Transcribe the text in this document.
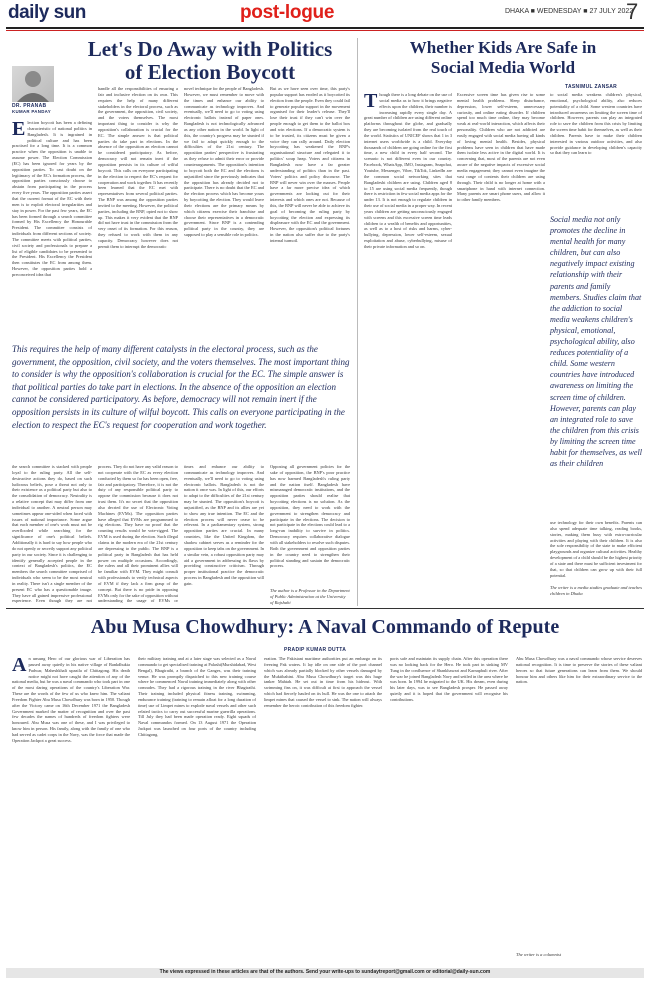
daily sun	post-logue	DHAKA ■ WEDNESDAY ■ 27 JULY 2022
7
Let's Do Away with Politics
of Election Boycott
DR. PRANAB
KUMAR PANDAY
Election boycott has been a defining characteristic of national politics in Bangladesh. It is ingrained in political culture and has been practised for a long time. It is a common practice when the opposition is unable to assume power. The Election Commission (EC) has been ignored for years by the opposition parties. To cast doubt on the legitimacy of the EC's formation process, the opposition parties consciously choose to abstain from participating in the process every five years. The opposition parties assert that the current format of the EC with their men is to exploit electoral irregularities and stay in power. For the past few years, the EC has been formed through a search committee formed by His Excellency the Honourable President. The committee consists of individuals from different sections of society. The committee meets with political parties, civil society and professionals to prepare a list of eligible candidates to be presented to the President. His Excellency the President then constitutes the EC from among them. However, the opposition parties hold a preconceived idea that
handle all the responsibilities of ensuring a fair and inclusive election on its own. This requires the help of many different stakeholders in the electoral process, such as the government, the opposition, civil society, and the voters themselves. The most important thing to consider is why the opposition's collaboration is crucial for the EC. The simple answer is that political parties do take part in elections. In the absence of the opposition an election cannot be considered participatory. As before, democracy will not remain inert if the opposition persists in its culture of wilful boycott. This calls on everyone participating in the election to respect the EC's request for cooperation and work together. It has recently been learned that the EC met with representatives from several political parties. The BNP was among the opposition parties invited to the meeting. However, the political parties, including the BNP, opted not to show up. This makes it very evident that the BNP did not have trust in the commission from the very onset of its formation. For this reason, they refused to work with them in any capacity. Democracy however does not permit them to interrupt the democratic
novel technique for the people of Bangladesh. However, we must remember to move with the times and enhance our ability to communicate as technology improves. And eventually, we'll need to go to voting using electronic ballots instead of paper ones. Bangladesh is not technologically advanced as any other nation in the world. In light of this, the country's progress may be stunted if we fail to adapt quickly enough to the difficulties of the 21st century. The opposition parties' perspective is frustrating as they refuse to admit their error or provide counterarguments. The opposition's intention to boycott both the EC and the elections is unjustified since the previously indicates that the opposition has already decided not to participate. There is no doubt that the EC and the election process which has become yours by boycotting the election. They would leave their elections are the primary means by which citizens exercise their franchise and choose their representatives in a democratic government. Since BNP is a contending political party in the country, they are supposed to play a sensible role in politics.
But as we have seen over time, this party's popular support has eroded as it boycotted its election from the people. Even they could fail to generate popular support in the movement organised for their leader's release. They'll lose their trust if they can't win over the people enough to get them to the ballot box and win elections. If a democratic system is to be trusted, its citizens must be given a voice they can rally around. Daily election boycotting has weakened the BNP's organisational structure and relegated it to politics' scrap heap. Voters and citizens in Bangladesh now have a far greater understanding of politics than in the past. Voters' politics and policy discourse. The BNP will never win over the masses. People have a far more precise idea of which governments are looking out for their interests and which ones are not. Because of this, the BNP will never be able to achieve its goal of becoming the ruling party by boycotting the election and expressing its displeasure with the EC and the government. However, the opposition's political fortunes in the nation also suffer due to the party's internal turmoil.
This requires the help of many different catalysts in the electoral process, such as the government, the opposition, civil society, and the voters themselves. The most important thing to consider is why the opposition's collaboration is crucial for the EC. The simple answer is that political parties do take part in elections. In the absence of the opposition an election cannot be considered participatory. As before, democracy will not remain inert if the opposition persists in its culture of wilful boycott. This calls on everyone participating in the election to respect the EC's request for cooperation and work together.
the search committee is stacked with people loyal to the ruling party. All the self-destructive actions they do, based on such ludicrous beliefs, pose a threat not only to their existence as a political party but also to the consolidation of democracy. Neutrality is a relative concept that may differ from one individual to another. A neutral person may sometimes appear one-sided when faced with issues of national importance. Some argue that each member of one's work must not be overflooded while searching for the significance of one's political beliefs. Additionally it is hard to say how people who do not openly or secretly support any political party in our society. Since it is challenging to identify generally accepted people in the context of Bangladesh's politics, the EC members the search committee comprised of individuals who seem to be the most neutral in reality. There isn't a single member of the present EC who has a questionable image. They have all gained impressive professional experience. Even though they are not
process. They do not have any valid reason to not cooperate with the EC as every election conducted by them so far has been open, free, fair and participatory. Therefore, it is not the duty of any responsible political party to oppose the commission because it does not trust them. It's no secret that the opposition also decried the use of Electronic Voting Machines (EVMs). The opposition parties have alleged that EVMs are programmed to rig elections. They have no proof that the counting results would be vote-rigged. The EVM is used during the election. Such illegal claims in the modern era of the 21st century are depressing to the public. The BNP is a political party in Bangladesh that has held power on multiple occasions. Accordingly, the rulers and all their prominent allies will be familiar with EVM. They might consult with professionals to verify technical aspects of EVM if they lack a firm grasp of the concept. But there is no pride in opposing EVMs only for the sake of opposition without understanding the usage of EVMs or
times and enhance our ability to communicate as technology improves. And eventually, we'll need to go to voting using electronic ballots. Bangladesh is not the nation it once was. In light of this, our efforts to adapt to the difficulties of the 21st century may be stunted. The opposition's boycott is unjustified, as the BNP and its allies are yet to show any true intention. The EC and the election process will never cease to be relevant. In a parliamentary system, strong opposition parties are crucial. In many countries, like the United Kingdom, the shadow cabinet serves as a reminder for the opposition to keep tabs on the government. In a similar vein, a robust opposition party may aid a government in addressing its flaws by providing constructive criticism. Through proper institutional practice the democratic process in Bangladesh and the opposition will gain.
Opposing all government policies for the sake of opposition, the BNP's poor practice has now harmed Bangladesh's ruling party and the nation itself. Bangladesh have mismanaged democratic institutions, and the opposition parties should realise that boycotting elections is no solution. As the opposition, they need to work with the government to strengthen democracy and participate in the elections. The decision to not participate in the elections could lead to a long-run inability to survive in politics. Democracy requires collaborative dialogue with all stakeholders to resolve such disputes. Both the government and opposition parties in the country need to strengthen their political standing and sustain the democratic process.
The author is a Professor in the Department of Public Administration at the University of Rajshahi
Whether Kids Are Safe in
Social Media World
TASNIMUL ZANSAR
Though there is a long debate on the use of social media as to how it brings negative effects upon the children, their number is increasing rapidly every single day. A great number of children are using different online platforms throughout the globe, and gradually they are becoming isolated from the real touch of the world. Statistics of UNICEF shows that 1 in 3 internet users worldwide is a child. Everyday thousands of children are going online for the first time, a new child in every half second. The scenario is not different even in our country. Facebook, WhatsApp, IMO, Instagram, Snapchat, Youtube, Messenger, Viber, TikTok, LinkedIn are the common social networking sites that Bangladeshi children are using. Children aged 8 to 15 are using social media frequently, though there is restriction in few social media apps for the under 13. It is not enough to regulate children in their use of social media in a proper way. In recent years children are getting unconsciously engaged with screens and this excessive screen time leads children to a wealth of benefits and opportunities, as well as to a host of risks and harms, cyber-bullying, depression, lower self-esteem, sexual exploitation and abuse, cyberbullying, misuse of their private information and so on.
Excessive screen time has given rise to some mental health problems. Sleep disturbance, depression, lower self-esteem, unnecessary curiosity, and online eating disorder. If children spend too much time online, they may become weak at real-world interaction, which affects their personality. Children who are not addicted are easily engaged with social media having all kinds of loving mental health. Besides, physical problems have seen in children that have made them isolate less active in the digital world. It is concerning that, most of the parents are not even aware of the negative impacts of excessive social media engagement; they cannot even imagine the vast range of contents their children are using through. Their child is no longer at home with a smartphone in hand with internet connection. Many parents are smart phone users, and allow it to other family members.
to social media weakens children's physical, emotional, psychological ability, also reduces potentiality of a child. Some western countries have introduced awareness on limiting the screen time of children. However, parents can play an integrated role to save the children from this crisis by limiting the screen time habit for themselves, as well as their children. Parents have to make their children interested in various outdoor activities, and also provide guidance in developing children's capacity so that they can learn to
Social media not only promotes the decline in mental health for many children, but can also negatively impact existing relationship with their parents and family members. Studies claim that the addiction to social media weakens children's physical, emotional, psychological ability, also reduces potentiality of a child. Some western countries have introduced awareness on limiting the screen time of children. However, parents can play an integrated role to save the children from this crisis by limiting the screen time habit for themselves, as well as their children
use technology for their own benefits. Parents can also spend adequate time talking, reading books, stories, making them busy with extra-curricular activities and playing with their children. It is also the sole responsibility of the state to make efficient playgrounds and organize cultural activities. Healthy development of a child should be the highest priority of a state and there must be sufficient investment for that, so that children can grow up with their full potential.
The writer is a media studies graduate and teaches children in Dhaka
Abu Musa Chowdhury: A Naval Commando of Repute
PRADIP KUMAR DUTTA
An unsung Hero of our glorious war of Liberation has passed away quietly in his native village of Bankdhukia Padwar, Maheshkhali upazila of Chittagong. His death notice might not have caught the attention of any of the national media, but he was a naval commando who took part in one of the most daring operations of the country's Liberation War. These are the words of the few of us who knew him. The valiant Freedom Fighter Abu Musa Chowdhury was born in 1950. Though after the Victory came on 16th December 1971 the Bangladesh Government marked the matter of recognition and over the past few decades the names of hundreds of freedom fighters were honoured. Abu Musa was one of these, and I was privileged to know him in person. His family, along with the family of one who had served as cadet corps in the Navy, was the force that made the Operation Jackpot a great success.
their military training and at a later stage was selected as a Naval commando to get specialised training at Palashi(Murshidabad, West Bengal), Bhagirathi, a branch of the Ganges, was their training venue. He was promptly dispatched to this new training course where he commenced Naval training immediately along with other comrades. They had a rigorous training in the river Bhagirathi. Their training included physical fitness training, swimming, endurance training (training to remain afloat for a long duration of time) use of Limpet mines to explode naval vessels and other such related tactics to carry out successful marine guerrilla operations. Till July they had been made operation ready. Eight squads of Naval commandos formed. On 13 August 1971 the Operation Jackpot was launched on four ports of the country including Chittagong.
eration. The Pakistani maritime authorities put an embargo on its freezing Pak waters. It lay idle on one side of the port channel which was already partially blocked by other vessels damaged by the Muktibahini. Abu Musa Chowdhury's target was this huge tanker Mahtab. He set out in time from his hideout. With swimming fins on, it was difficult at first to approach the vessel which had fiercely hauled on its hull. He was the one to attach the limpet mines that caused the vessel to sink. The nation will always remember the heroic contribution of this freedom fighter.
ports safe and maintain its supply chain. After this operation there was no looking back for the Hero. He took part in sinking MV Tung in the confluence of Shankhawari and Karnaphuli river. After the war he joined Bangladesh Navy and settled in the area where he was born. In 1994 he migrated to the UK. His dream, even during his later days, was to see Bangladesh prosper. He passed away quietly and it is hoped that the government will recognise his contributions.
Abu Musa Chowdhury was a naval commando whose service deserves national recognition. It is time to preserve the stories of these valiant heroes so that future generations can learn from them. We should honour him and others like him for their extraordinary service to the nation.
The writer is a columnist
The views expressed in these articles are that of the authors. Send your write-ups to sundaytreport@gmail.com or editorial@daily-sun.com
